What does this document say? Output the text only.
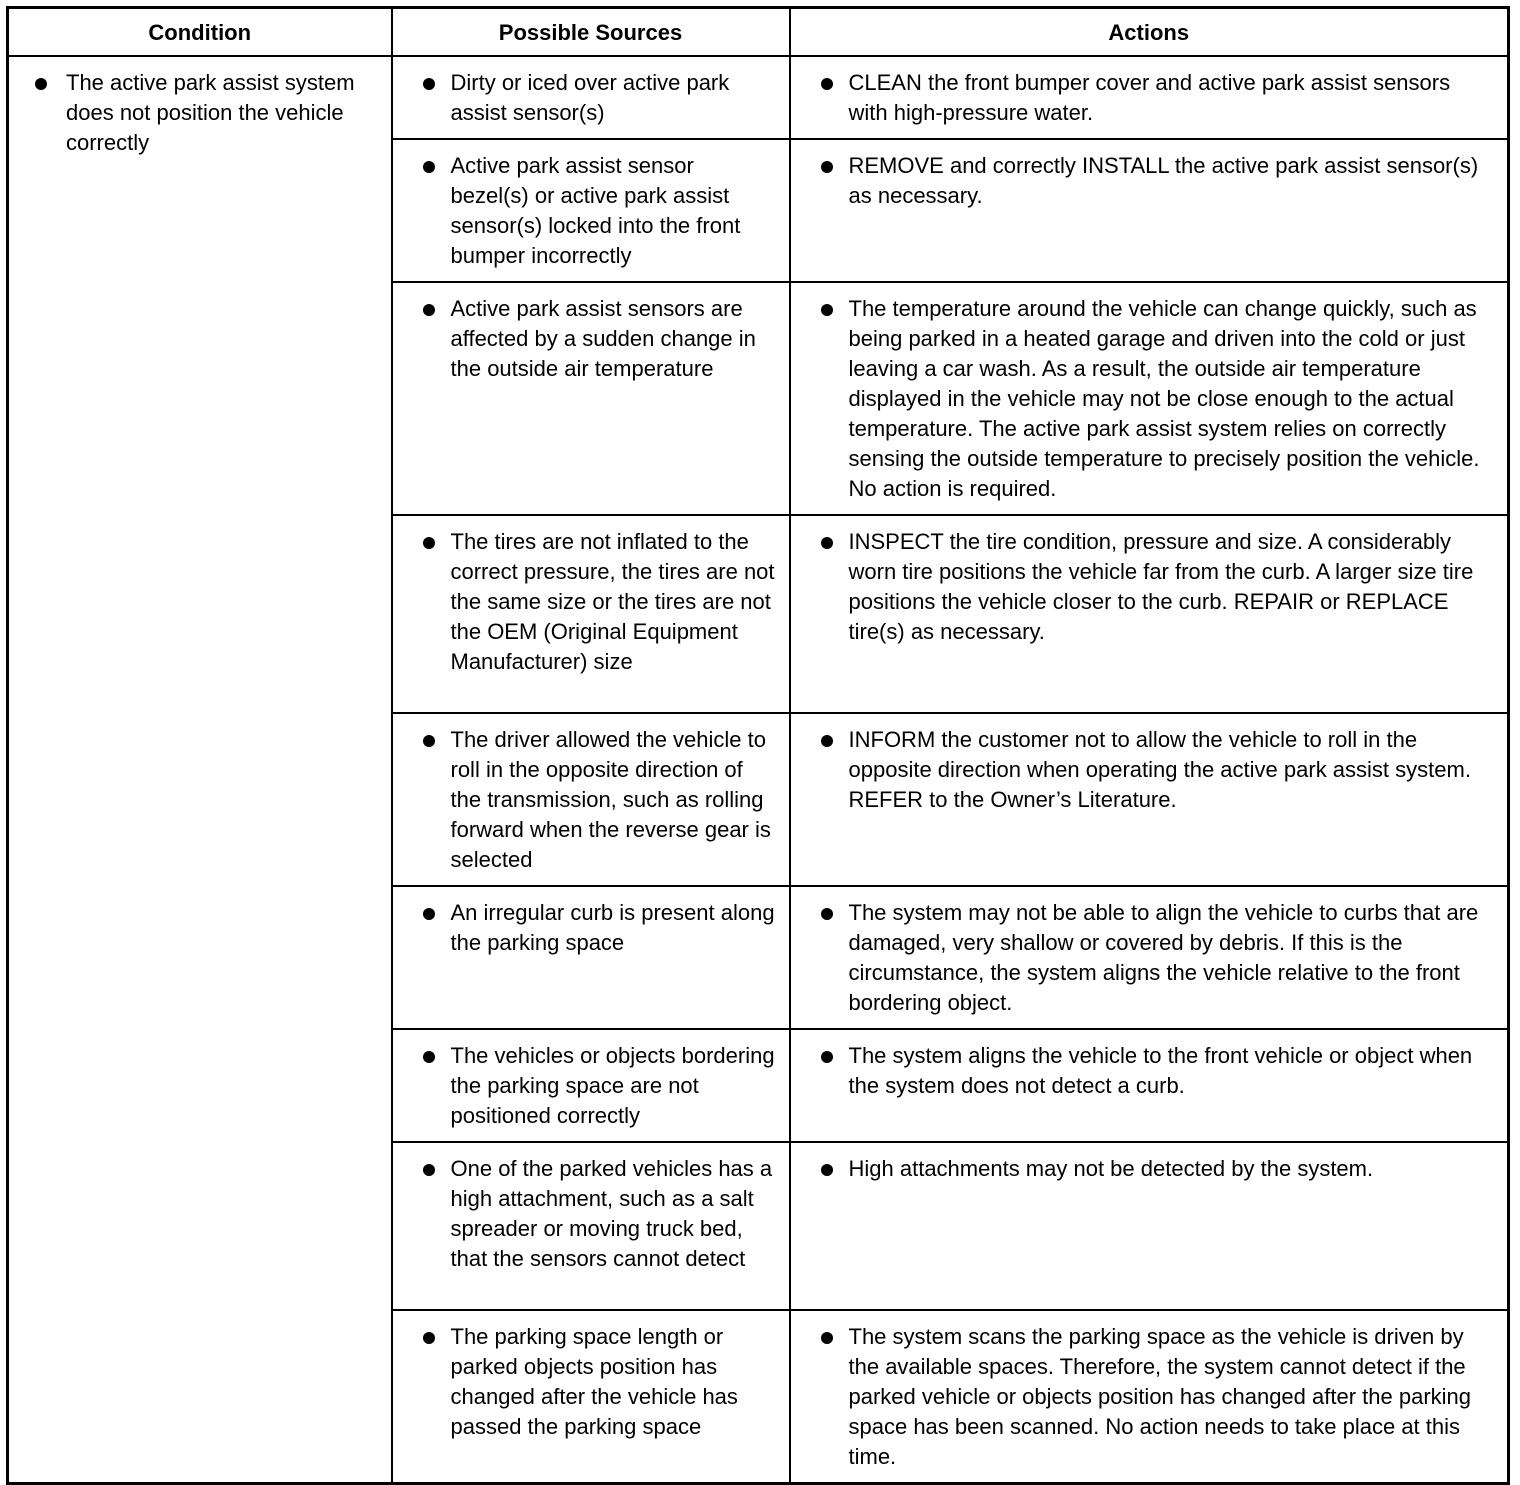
Condition	Possible Sources	Actions

The active park assist system does not position the vehicle correctly	Dirty or iced over active park assist sensor(s)	CLEAN the front bumper cover and active park assist sensors with high-pressure water.

Active park assist sensor bezel(s) or active park assist sensor(s) locked into the front bumper incorrectly	REMOVE and correctly INSTALL the active park assist sensor(s) as necessary.

Active park assist sensors are affected by a sudden change in the outside air temperature	The temperature around the vehicle can change quickly, such as being parked in a heated garage and driven into the cold or just leaving a car wash. As a result, the outside air temperature displayed in the vehicle may not be close enough to the actual temperature. The active park assist system relies on correctly sensing the outside temperature to precisely position the vehicle. No action is required.

The tires are not inflated to the correct pressure, the tires are not the same size or the tires are not the OEM (Original Equipment Manufacturer) size	INSPECT the tire condition, pressure and size. A considerably worn tire positions the vehicle far from the curb. A larger size tire positions the vehicle closer to the curb. REPAIR or REPLACE tire(s) as necessary.

The driver allowed the vehicle to roll in the opposite direction of the transmission, such as rolling forward when the reverse gear is selected	INFORM the customer not to allow the vehicle to roll in the opposite direction when operating the active park assist system. REFER to the Owner’s Literature.

An irregular curb is present along the parking space	The system may not be able to align the vehicle to curbs that are damaged, very shallow or covered by debris. If this is the circumstance, the system aligns the vehicle relative to the front bordering object.

The vehicles or objects bordering the parking space are not positioned correctly	The system aligns the vehicle to the front vehicle or object when the system does not detect a curb.

One of the parked vehicles has a high attachment, such as a salt spreader or moving truck bed, that the sensors cannot detect	High attachments may not be detected by the system.

The parking space length or parked objects position has changed after the vehicle has passed the parking space	The system scans the parking space as the vehicle is driven by the available spaces. Therefore, the system cannot detect if the parked vehicle or objects position has changed after the parking space has been scanned. No action needs to take place at this time.
